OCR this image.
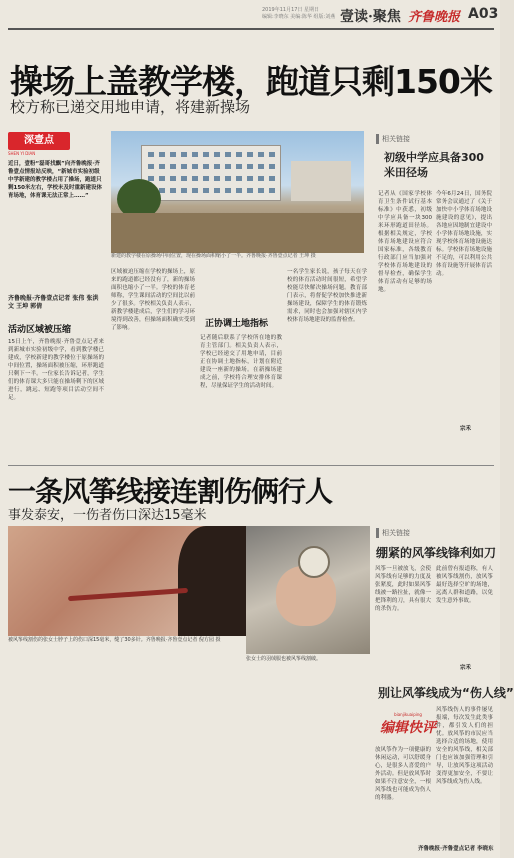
2019年11月17日 星期日
编辑:李晓东 美编:陈华 组版:刘燕 壹读·聚焦 齐鲁晚报 A03
操场上盖教学楼，跑道只剩150米
校方称已递交用地申请，将建新操场
深壹点
SHEN YI DIAN
近日，壹粉“磊哥找飘”向齐鲁晚报·齐鲁壹点情报站反映，“新城市实验初级中学新建的教学楼占用了操场，跑道只剩150米左右，学校未及时重新建设体育场地，体育课无法正常上……”
新建的教学楼在原操场中间位置，现在操场面积缩小了一半。齐鲁晚报·齐鲁壹点记者 王坤 摄
齐鲁晚报·齐鲁壹点记者 张伟 张洪文 王坤 郭倩
活动区域被压缩
15日上午，齐鲁晚报·齐鲁壹点记者来到新城市实验初级中学，看到教学楼已建成，学校新建的教学楼位于原操场的中间位置，操场面积被压缩，环形跑道只剩下一半。一位家长告诉记者，学生们的体育课大多只能在操场剩下的区域进行，跳远、短跑等项目活动空间不足。
区域被迫压缩在学校的操场上，原来的跑道都已经没有了，新的操场面积也缩小了一半。学校的体育老师称，学生课间活动的空间比以前少了很多。学校相关负责人表示，新教学楼建成后，学生们的学习环境得到改善，但操场面积确实受到了影响。	正协调土地指标
记者随后联系了学校所在地的教育主管部门。相关负责人表示，学校已经递交了用地申请，目前正在协调土地指标，计划在附近建设一座新的操场。在新操场建成之前，学校将合理安排体育课程，尽量保证学生的活动时间。
一名学生家长说，孩子每天在学校的体育活动时间很短，希望学校能尽快解决操场问题。教育部门表示，将督促学校加快推进新操场建设，保障学生的体育锻炼需求，同时也会加强对辖区内学校体育场地建设的监督检查。
相关链接
初级中学应具备300米田径场
记者从《国家学校体育卫生条件试行基本标准》中获悉，初级中学应具备一块300米环形跑道田径场。根据相关规定，学校体育场地建设应符合国家标准，各级教育行政部门应当加强对学校体育场地建设的督导检查，确保学生体育活动有足够的场地。
今年6月24日，国务院常务会议通过了《关于加快中小学体育场地设施建设的意见》，提出各地应因地制宜建设中小学体育场地设施，实现学校体育场地设施达标。学校体育场地设施不足的，可以利用公共体育设施等开展体育活动。
宗禾
一条风筝线接连割伤俩行人
事发泰安，一伤者伤口深达15毫米
被风筝线割伤的张女士脖子上的伤口深15毫米，缝了30多针。齐鲁晚报·齐鲁壹点记者 倪方园 摄
张女士的羽绒服也被风筝线割破。
相关链接
绷紧的风筝线锋利如刀
风筝一旦被放飞，会使风筝线有足够的力度及张紧度，此时如果风筝线被一路拉扯，就像一把锋利的刀，具有很大的杀伤力。
此前曾有报道称，有人被风筝线割伤，放风筝最好选择空旷的场地，远离人群和道路，以免发生意外事故。
宗禾
别让风筝线成为“伤人线”
bianjikuaiping
编辑快评
放风筝作为一项健康的休闲运动，可以舒缓身心，是很多人喜爱的户外活动。但是放风筝时如果不注意安全，一根风筝线也可能成为伤人的利器。
风筝线伤人的事件屡见报端，每次发生此类事件，都引发人们的担忧。放风筝的市民应当选择合适的场地，使用安全的风筝线，相关部门也应该加强管理和引导，让放风筝这项活动变得更加安全，不要让风筝线成为伤人线。
齐鲁晚报·齐鲁壹点记者 李晓东
